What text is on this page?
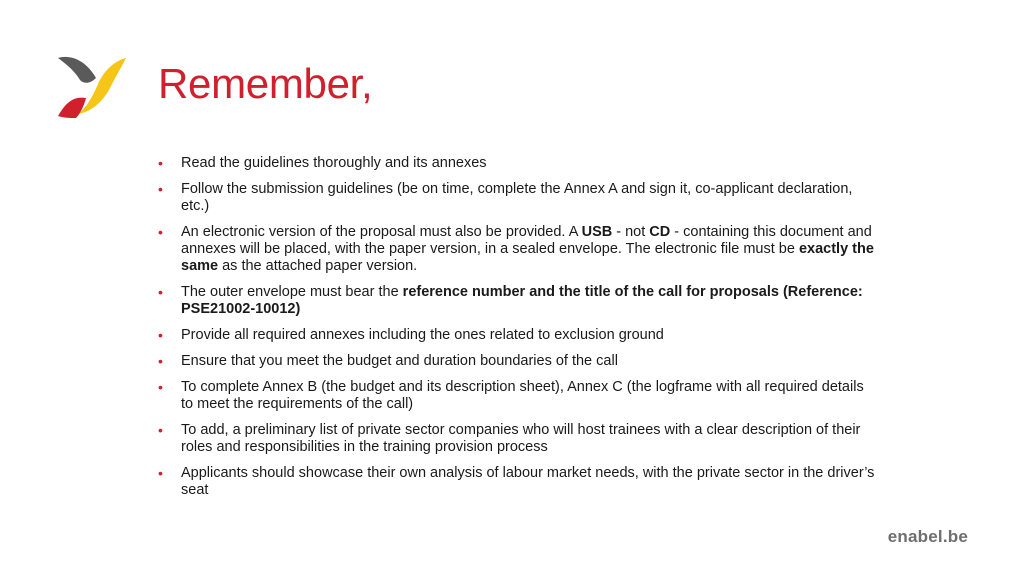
Remember,
• Read the guidelines thoroughly and its annexes
• Follow the submission guidelines (be on time, complete the Annex A and sign it, co-applicant declaration, etc.)
• An electronic version of the proposal must also be provided. A USB - not CD - containing this document and annexes will be placed, with the paper version, in a sealed envelope. The electronic file must be exactly the same as the attached paper version.
• The outer envelope must bear the reference number and the title of the call for proposals (Reference: PSE21002-10012)
• Provide all required annexes including the ones related to exclusion ground
• Ensure that you meet the budget and duration boundaries of the call
• To complete Annex B (the budget and its description sheet), Annex C (the logframe with all required details to meet the requirements of the call)
• To add, a preliminary list of private sector companies who will host trainees with a clear description of their roles and responsibilities in the training provision process
• Applicants should showcase their own analysis of labour market needs, with the private sector in the driver’s seat
enabel.be
